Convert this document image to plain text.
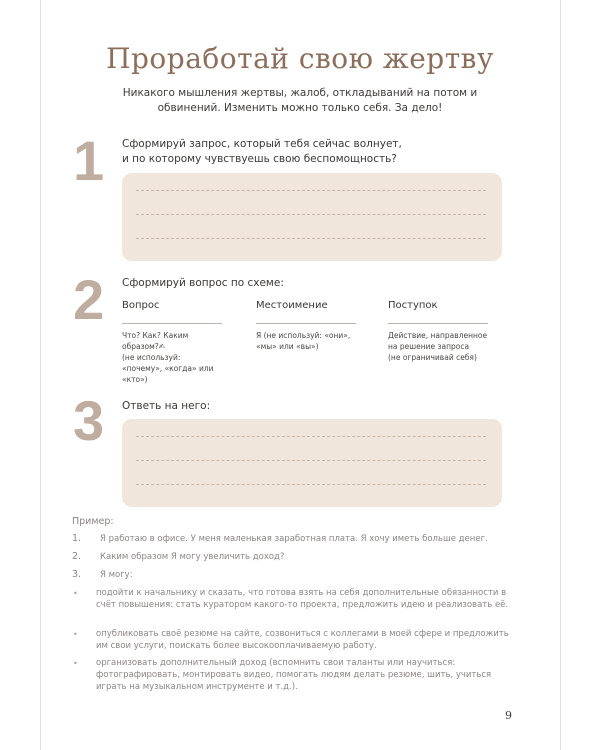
Проработай свою жертву
Никакого мышления жертвы, жалоб, откладываний на потом и обвинений. Изменить можно только себя. За дело!
1 Сформируй запрос, который тебя сейчас волнует,
и по которому чувствуешь свою беспомощность?
2 Сформируй вопрос по схеме:
Вопрос
Что? Как? Каким
образом?✍
(не используй:
«почему», «когда» или
«кто»)
Местоимение
Я (не используй: «они»,
«мы» или «вы»)
Поступок
Действие, направленное
на решение запроса
(не ограничивай себя)
3 Ответь на него:
Пример:
1. Я работаю в офисе. У меня маленькая заработная плата. Я хочу иметь больше денег.
2. Каким образом Я могу увеличить доход?
3. Я могу:
• подойти к начальнику и сказать, что готова взять на себя дополнительные обязанности в счёт повышения: стать куратором какого-то проекта, предложить идею и реализовать её.
• опубликовать своё резюме на сайте, созвониться с коллегами в моей сфере и предложить им свои услуги, поискать более высокооплачиваемую работу.
• организовать дополнительный доход (вспомнить свои таланты или научиться: фотографировать, монтировать видео, помогать людям делать резюме, шить, учиться играть на музыкальном инструменте и т.д.).
9
